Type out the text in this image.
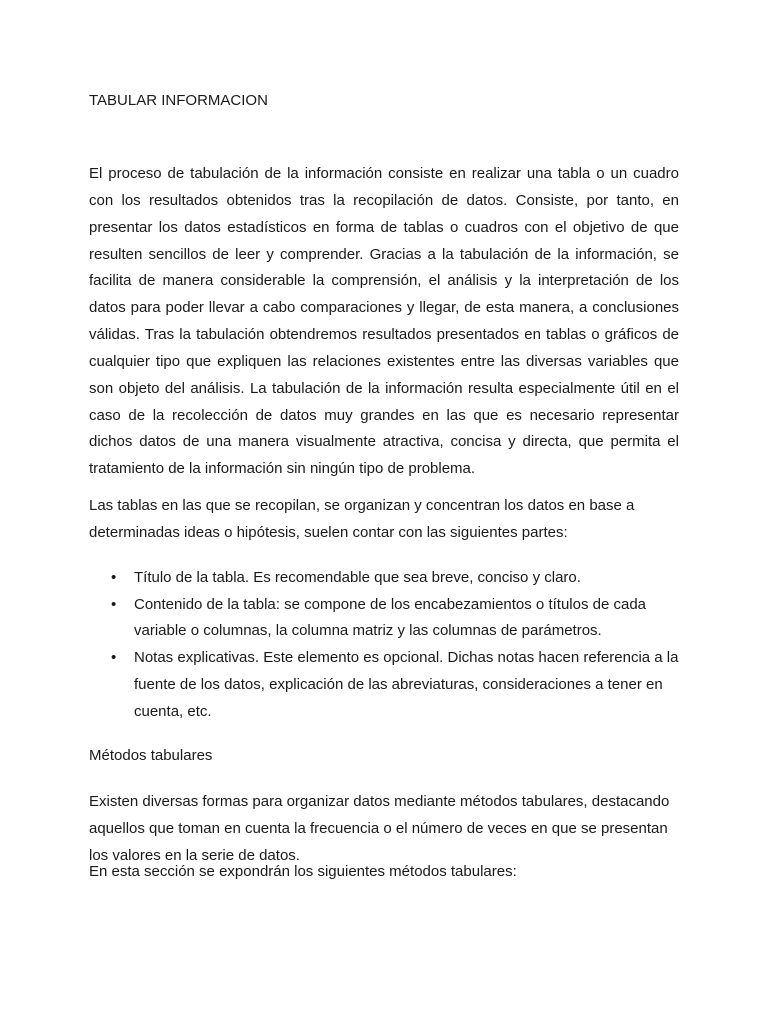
TABULAR INFORMACION

El proceso de tabulación de la información consiste en realizar una tabla o un cuadro con los resultados obtenidos tras la recopilación de datos. Consiste, por tanto, en presentar los datos estadísticos en forma de tablas o cuadros con el objetivo de que resulten sencillos de leer y comprender. Gracias a la tabulación de la información, se facilita de manera considerable la comprensión, el análisis y la interpretación de los datos para poder llevar a cabo comparaciones y llegar, de esta manera, a conclusiones válidas. Tras la tabulación obtendremos resultados presentados en tablas o gráficos de cualquier tipo que expliquen las relaciones existentes entre las diversas variables que son objeto del análisis. La tabulación de la información resulta especialmente útil en el caso de la recolección de datos muy grandes en las que es necesario representar dichos datos de una manera visualmente atractiva, concisa y directa, que permita el tratamiento de la información sin ningún tipo de problema.

Las tablas en las que se recopilan, se organizan y concentran los datos en base a determinadas ideas o hipótesis, suelen contar con las siguientes partes:

• Título de la tabla. Es recomendable que sea breve, conciso y claro.
• Contenido de la tabla: se compone de los encabezamientos o títulos de cada variable o columnas, la columna matriz y las columnas de parámetros.
• Notas explicativas. Este elemento es opcional. Dichas notas hacen referencia a la fuente de los datos, explicación de las abreviaturas, consideraciones a tener en cuenta, etc.
Métodos tabulares

Existen diversas formas para organizar datos mediante métodos tabulares, destacando aquellos que toman en cuenta la frecuencia o el número de veces en que se presentan los valores en la serie de datos.

En esta sección se expondrán los siguientes métodos tabulares:
